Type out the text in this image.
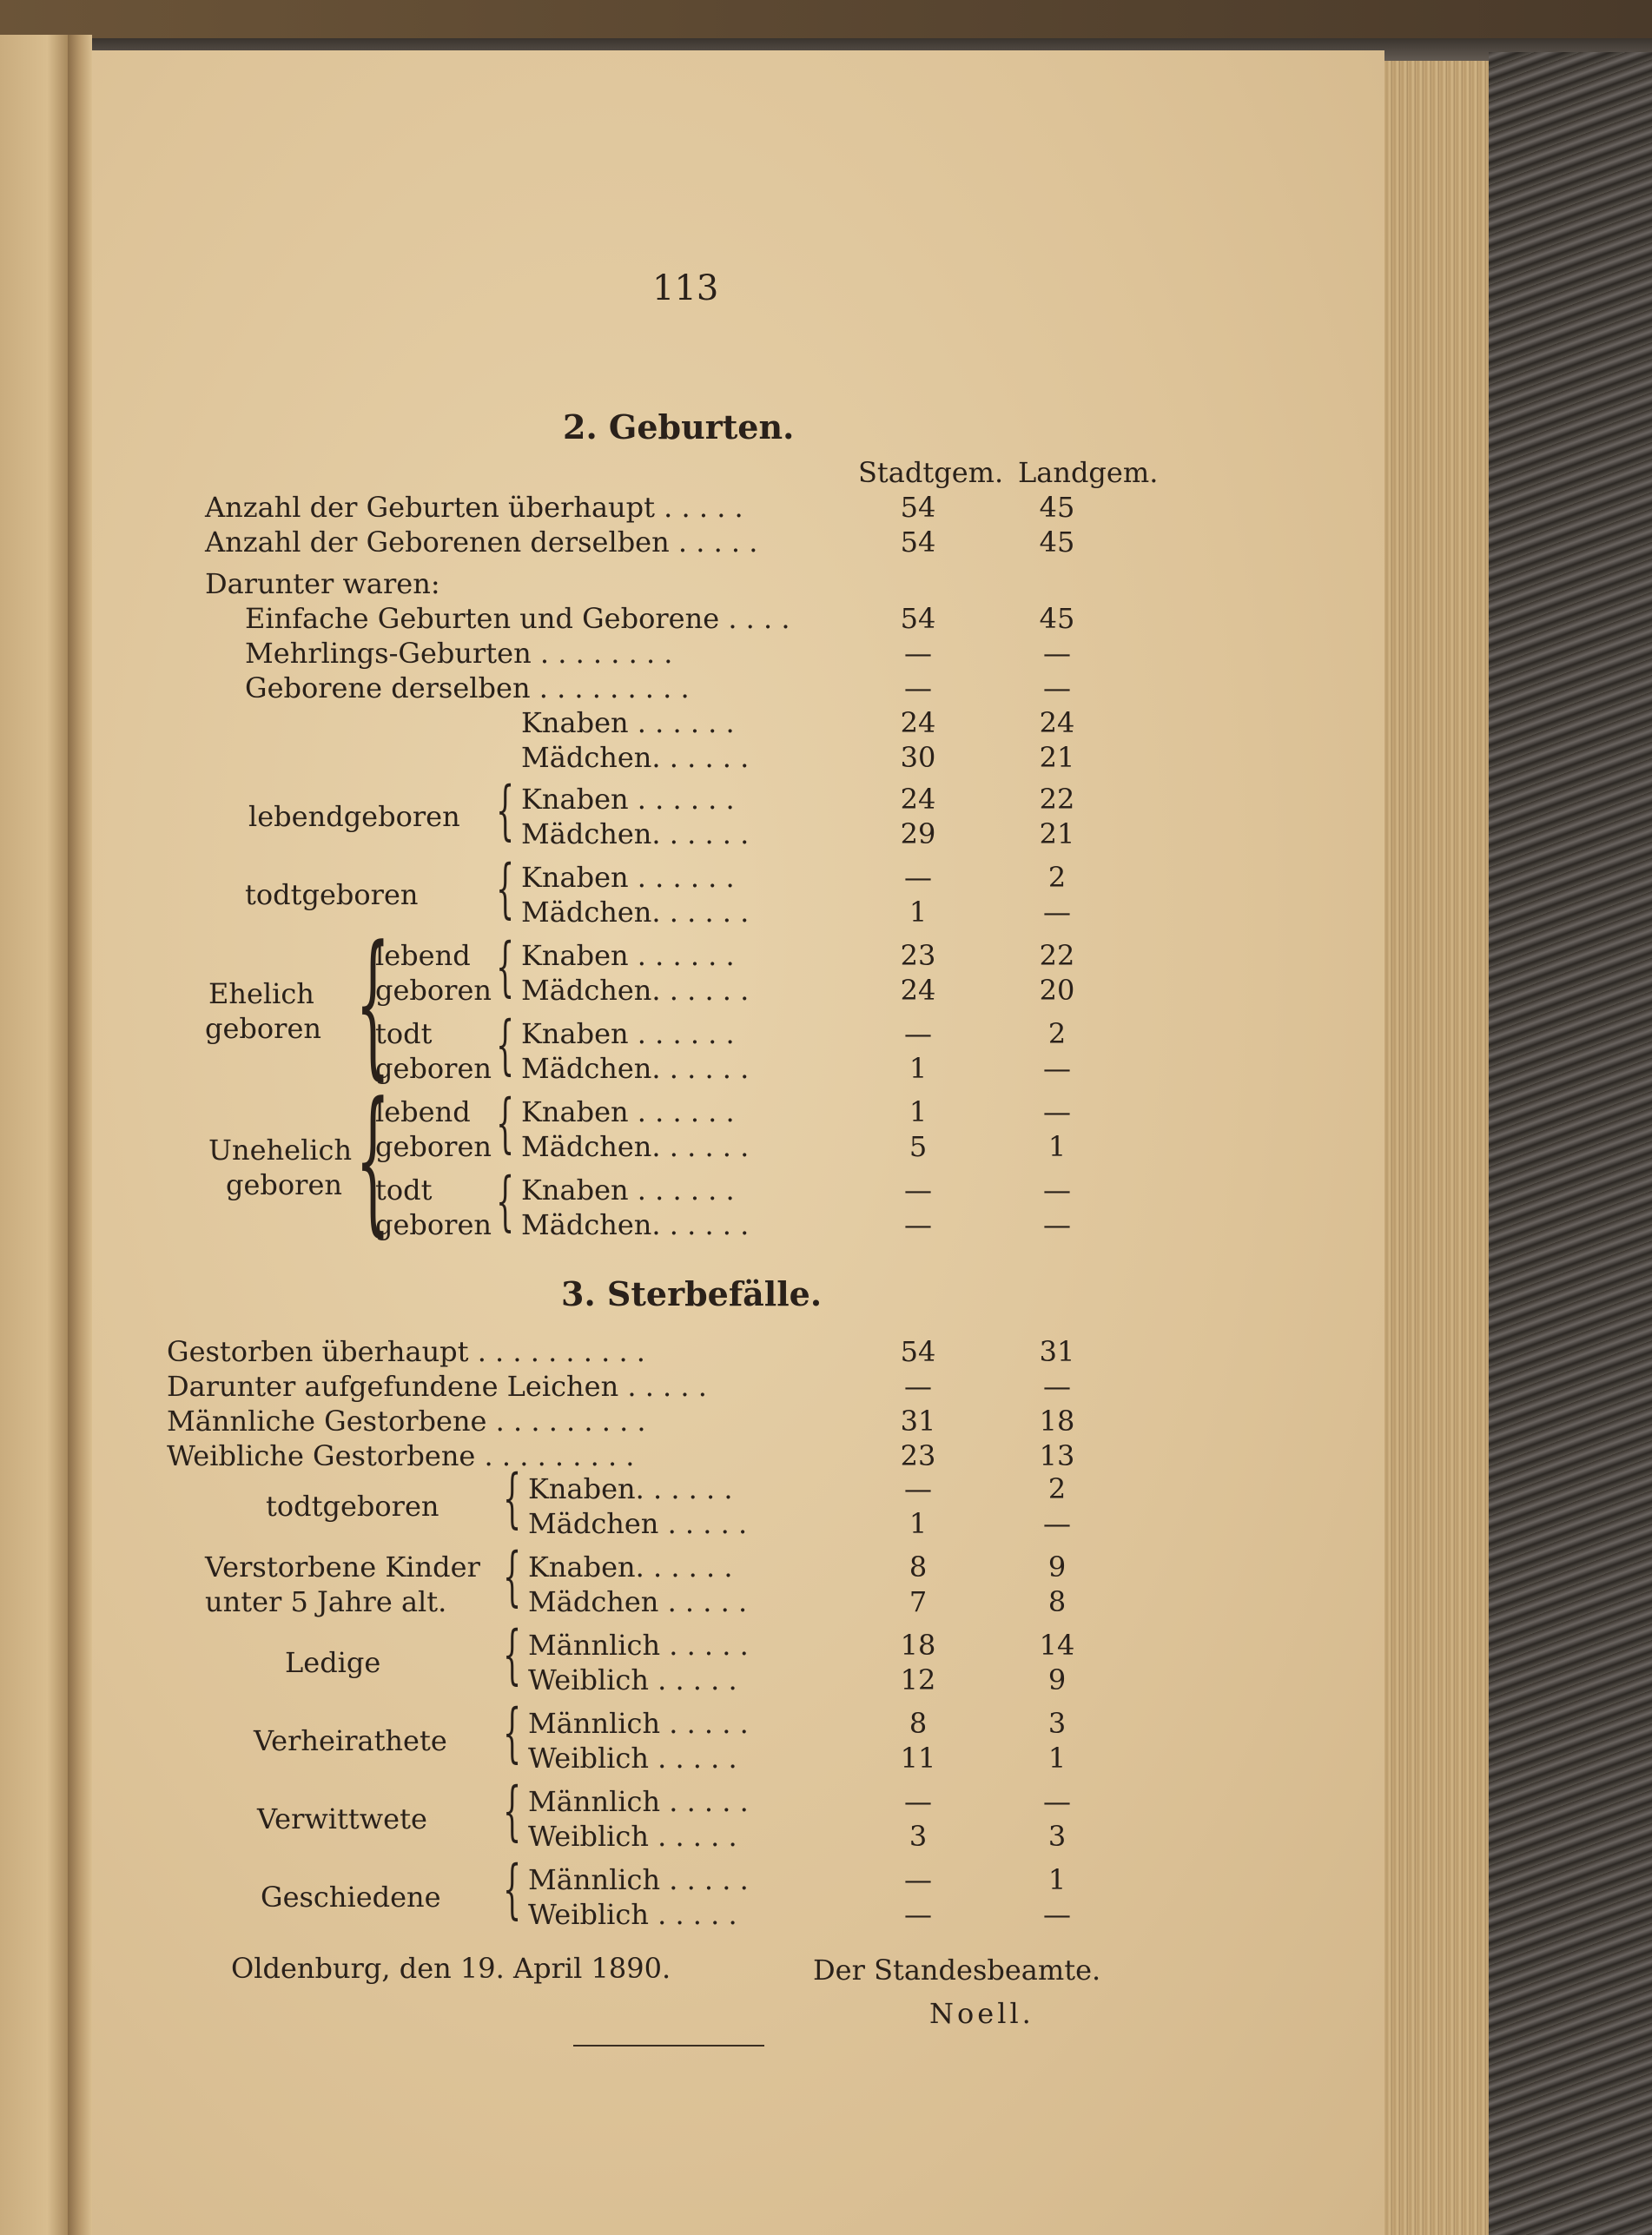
113
2. Geburten.
Stadtgem. Landgem.
Anzahl der Geburten überhaupt . . . . .	54	45
Anzahl der Geborenen derselben . . . . .	54	45
Darunter waren:
Einfache Geburten und Geborene . . . .	54	45
Mehrlings-Geburten . . . . . . . .	—	—
Geborene derselben . . . . . . . . .	—	—
Knaben . . . . . .	24	24
Mädchen. . . . . .	30	21
lebendgeboren { Knaben . . . . . .	24	22
Mädchen. . . . . .	29	21
todtgeboren { Knaben . . . . . .	—	2
Mädchen. . . . . .	1	—
Ehelich
geboren {
lebend { Knaben . . . . . .	23	22
geboren Mädchen. . . . . .	24	20
todt { Knaben . . . . . .	—	2
geboren Mädchen. . . . . .	1	—
Unehelich
geboren {
lebend { Knaben . . . . . .	1	—
geboren Mädchen. . . . . .	5	1
todt { Knaben . . . . . .	—	—
geboren Mädchen. . . . . .	—	—
3. Sterbefälle.
Gestorben überhaupt . . . . . . . . . .	54	31
Darunter aufgefundene Leichen . . . . .	—	—
Männliche Gestorbene . . . . . . . . .	31	18
Weibliche Gestorbene . . . . . . . . .	23	13
todtgeboren { Knaben. . . . . .	—	2
Mädchen . . . . .	1	—
Verstorbene Kinder { Knaben. . . . . .	8	9
unter 5 Jahre alt.	Mädchen . . . . .	7	8
Ledige { Männlich . . . . .	18	14
Weiblich . . . . .	12	9
Verheirathete { Männlich . . . . .	8	3
Weiblich . . . . .	11	1
Verwittwete { Männlich . . . . .	—	—
Weiblich . . . . .	3	3
Geschiedene { Männlich . . . . .	—	1
Weiblich . . . . .	—	—
Oldenburg, den 19. April 1890.	Der Standesbeamte.
Noell.
